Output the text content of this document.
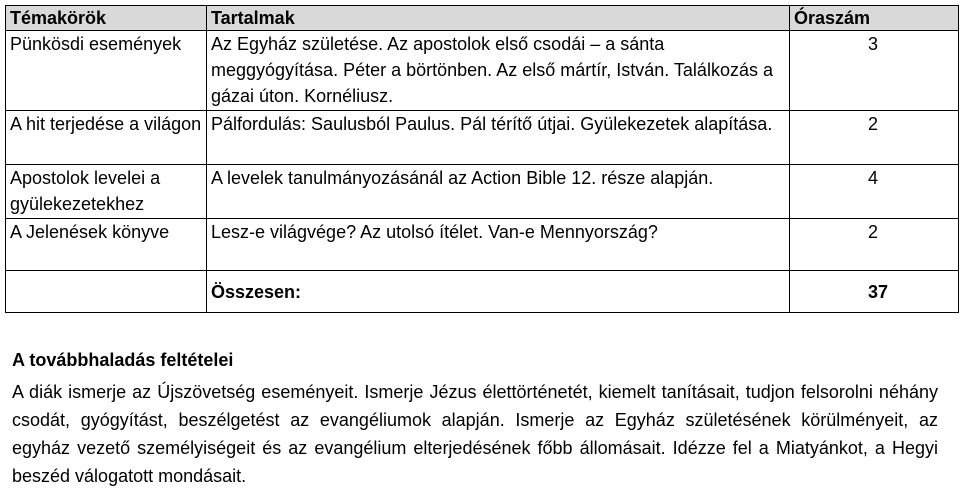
Témakörök	Tartalmak	Óraszám
Pünkösdi események	Az Egyház születése. Az apostolok első csodái – a sánta meggyógyítása. Péter a börtönben. Az első mártír, István. Találkozás a gázai úton. Kornéliusz.	3
A hit terjedése a világon	Pálfordulás: Saulusból Paulus. Pál térítő útjai. Gyülekezetek alapítása.	2
Apostolok levelei a gyülekezetekhez	A levelek tanulmányozásánál az Action Bible 12. része alapján.	4
A Jelenések könyve	Lesz-e világvége? Az utolsó ítélet. Van-e Mennyország?	2
	Összesen:	37
A továbbhaladás feltételei
A diák ismerje az Újszövetség eseményeit. Ismerje Jézus élettörténetét, kiemelt tanításait, tudjon felsorolni néhány csodát, gyógyítást, beszélgetést az evangéliumok alapján. Ismerje az Egyház születésének körülményeit, az egyház vezető személyiségeit és az evangélium elterjedésének főbb állomásait. Idézze fel a Miatyánkot, a Hegyi beszéd válogatott mondásait.
